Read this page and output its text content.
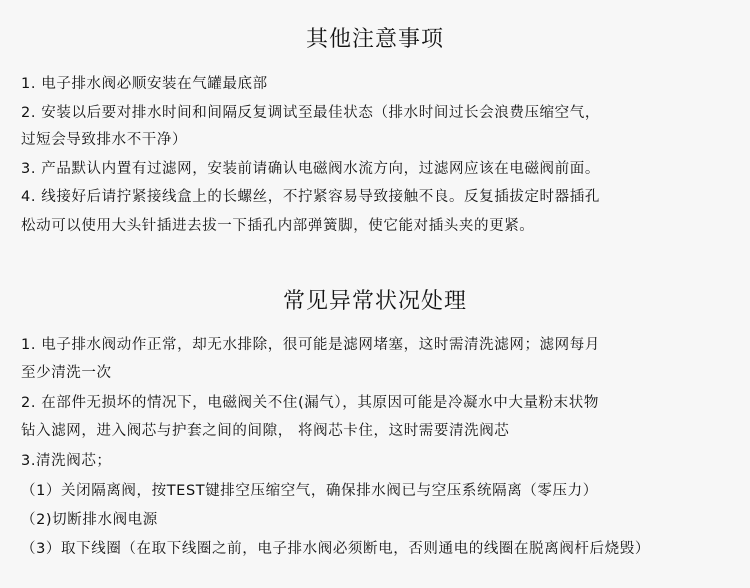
其他注意事项
1. 电子排水阀必顺安装在气罐最底部
2. 安装以后要对排水时间和间隔反复调试至最佳状态（排水时间过长会浪费压缩空气，
过短会导致排水不干净）
3. 产品默认内置有过滤网，安装前请确认电磁阀水流方向，过滤网应该在电磁阀前面。
4. 线接好后请拧紧接线盒上的长螺丝，不拧紧容易导致接触不良。反复插拔定时器插孔
松动可以使用大头针插进去拔一下插孔内部弹簧脚，使它能对插头夹的更紧。
常见异常状况处理
1. 电子排水阀动作正常，却无水排除，很可能是滤网堵塞，这时需清洗滤网；滤网每月
至少清洗一次
2. 在部件无损坏的情况下，电磁阀关不住(漏气），其原因可能是冷凝水中大量粉末状物
钻入滤网，进入阀芯与护套之间的间隙， 将阀芯卡住，这时需要清洗阀芯
3.清洗阀芯；
（1）关闭隔离阀，按TEST键排空压缩空气，确保排水阀已与空压系统隔离（零压力）
（2)切断排水阀电源
（3）取下线圈（在取下线圈之前，电子排水阀必须断电，否则通电的线圈在脱离阀杆后烧毁）
